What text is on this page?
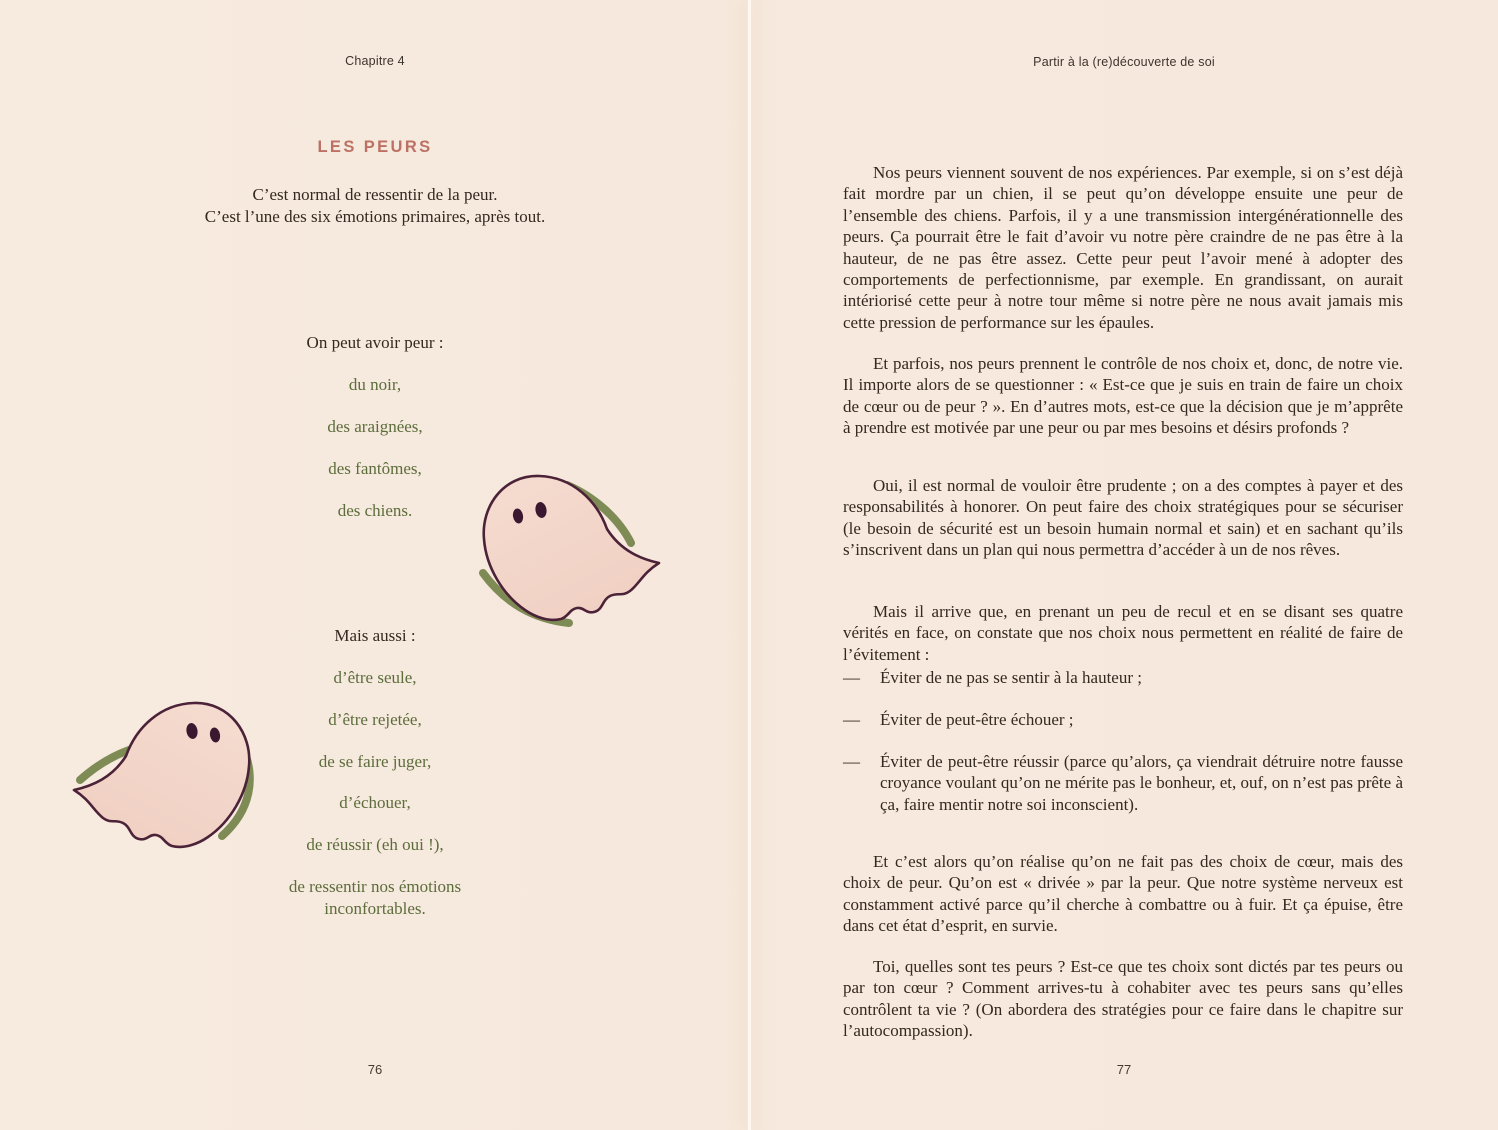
Chapitre 4
LES PEURS
C’est normal de ressentir de la peur.
C’est l’une des six émotions primaires, après tout.
On peut avoir peur :
du noir,
des araignées,
des fantômes,
des chiens.
Mais aussi :
d’être seule,
d’être rejetée,
de se faire juger,
d’échouer,
de réussir (eh oui !),
de ressentir nos émotions inconfortables.
76
Partir à la (re)découverte de soi

Nos peurs viennent souvent de nos expériences. Par exemple, si on s’est déjà fait mordre par un chien, il se peut qu’on développe ensuite une peur de l’ensemble des chiens. Parfois, il y a une transmission intergénérationnelle des peurs. Ça pourrait être le fait d’avoir vu notre père craindre de ne pas être à la hauteur, de ne pas être assez. Cette peur peut l’avoir mené à adopter des comportements de perfectionnisme, par exemple. En grandissant, on aurait intériorisé cette peur à notre tour même si notre père ne nous avait jamais mis cette pression de performance sur les épaules.

Et parfois, nos peurs prennent le contrôle de nos choix et, donc, de notre vie. Il importe alors de se questionner : « Est-ce que je suis en train de faire un choix de cœur ou de peur ? ». En d’autres mots, est-ce que la décision que je m’apprête à prendre est motivée par une peur ou par mes besoins et désirs profonds ?

Oui, il est normal de vouloir être prudente ; on a des comptes à payer et des responsabilités à honorer. On peut faire des choix stratégiques pour se sécuriser (le besoin de sécurité est un besoin humain normal et sain) et en sachant qu’ils s’inscrivent dans un plan qui nous permettra d’accéder à un de nos rêves.

Mais il arrive que, en prenant un peu de recul et en se disant ses quatre vérités en face, on constate que nos choix nous permettent en réalité de faire de l’évitement :

—	Éviter de ne pas se sentir à la hauteur ;
—	Éviter de peut-être échouer ;
—	Éviter de peut-être réussir (parce qu’alors, ça viendrait détruire notre fausse croyance voulant qu’on ne mérite pas le bonheur, et, ouf, on n’est pas prête à ça, faire mentir notre soi inconscient).

Et c’est alors qu’on réalise qu’on ne fait pas des choix de cœur, mais des choix de peur. Qu’on est « drivée » par la peur. Que notre système nerveux est constamment activé parce qu’il cherche à combattre ou à fuir. Et ça épuise, être dans cet état d’esprit, en survie.

Toi, quelles sont tes peurs ? Est-ce que tes choix sont dictés par tes peurs ou par ton cœur ? Comment arrives-tu à cohabiter avec tes peurs sans qu’elles contrôlent ta vie ? (On abordera des stratégies pour ce faire dans le chapitre sur l’autocompassion).

77
